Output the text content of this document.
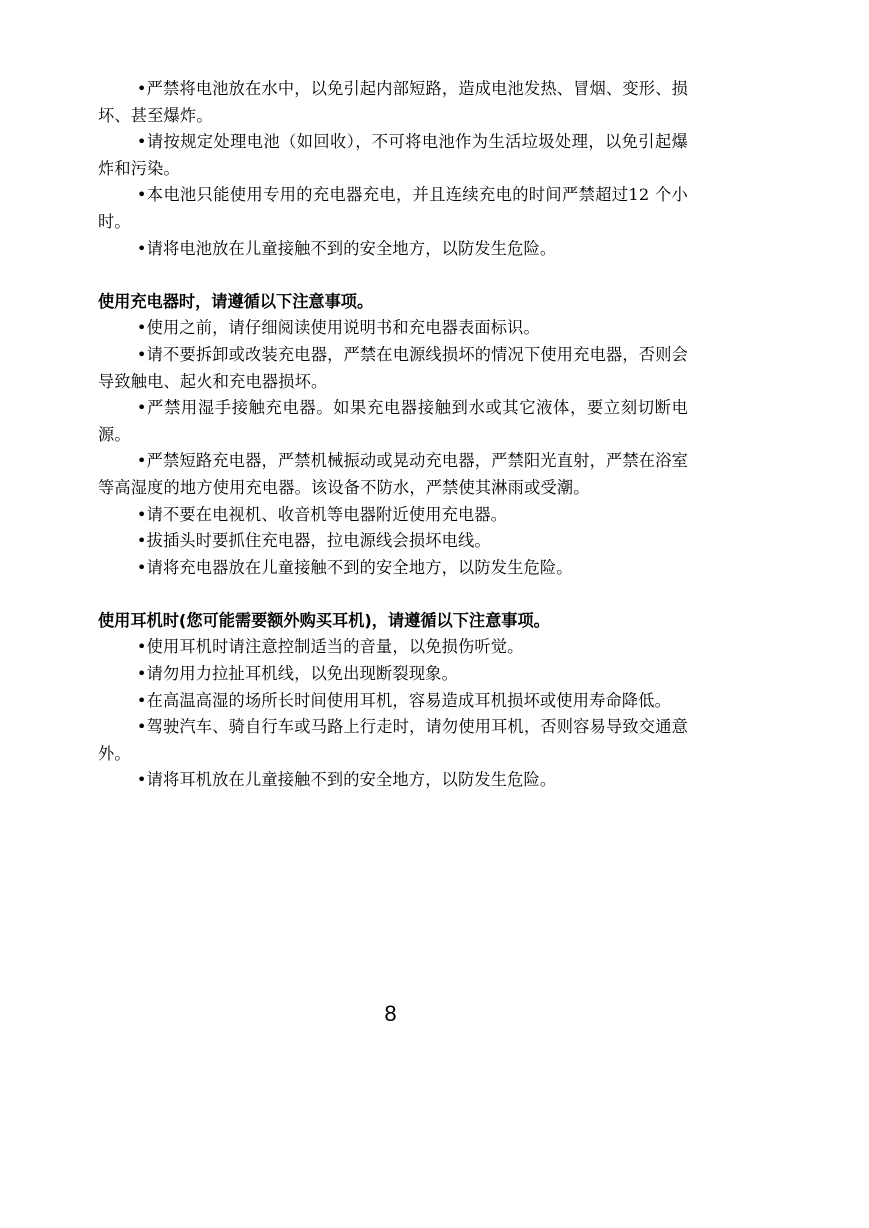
•严禁将电池放在水中，以免引起内部短路，造成电池发热、冒烟、变形、损坏、甚至爆炸。

•请按规定处理电池（如回收），不可将电池作为生活垃圾处理，以免引起爆炸和污染。

•本电池只能使用专用的充电器充电，并且连续充电的时间严禁超过12 个小时。

•请将电池放在儿童接触不到的安全地方，以防发生危险。

使用充电器时，请遵循以下注意事项。

•使用之前，请仔细阅读使用说明书和充电器表面标识。

•请不要拆卸或改装充电器，严禁在电源线损坏的情况下使用充电器，否则会导致触电、起火和充电器损坏。

•严禁用湿手接触充电器。如果充电器接触到水或其它液体，要立刻切断电源。

•严禁短路充电器，严禁机械振动或晃动充电器，严禁阳光直射，严禁在浴室等高湿度的地方使用充电器。该设备不防水，严禁使其淋雨或受潮。

•请不要在电视机、收音机等电器附近使用充电器。

•拔插头时要抓住充电器，拉电源线会损坏电线。

•请将充电器放在儿童接触不到的安全地方，以防发生危险。

使用耳机时(您可能需要额外购买耳机)，请遵循以下注意事项。

•使用耳机时请注意控制适当的音量，以免损伤听觉。

•请勿用力拉扯耳机线，以免出现断裂现象。

•在高温高湿的场所长时间使用耳机，容易造成耳机损坏或使用寿命降低。

•驾驶汽车、骑自行车或马路上行走时，请勿使用耳机，否则容易导致交通意外。

•请将耳机放在儿童接触不到的安全地方，以防发生危险。

8
